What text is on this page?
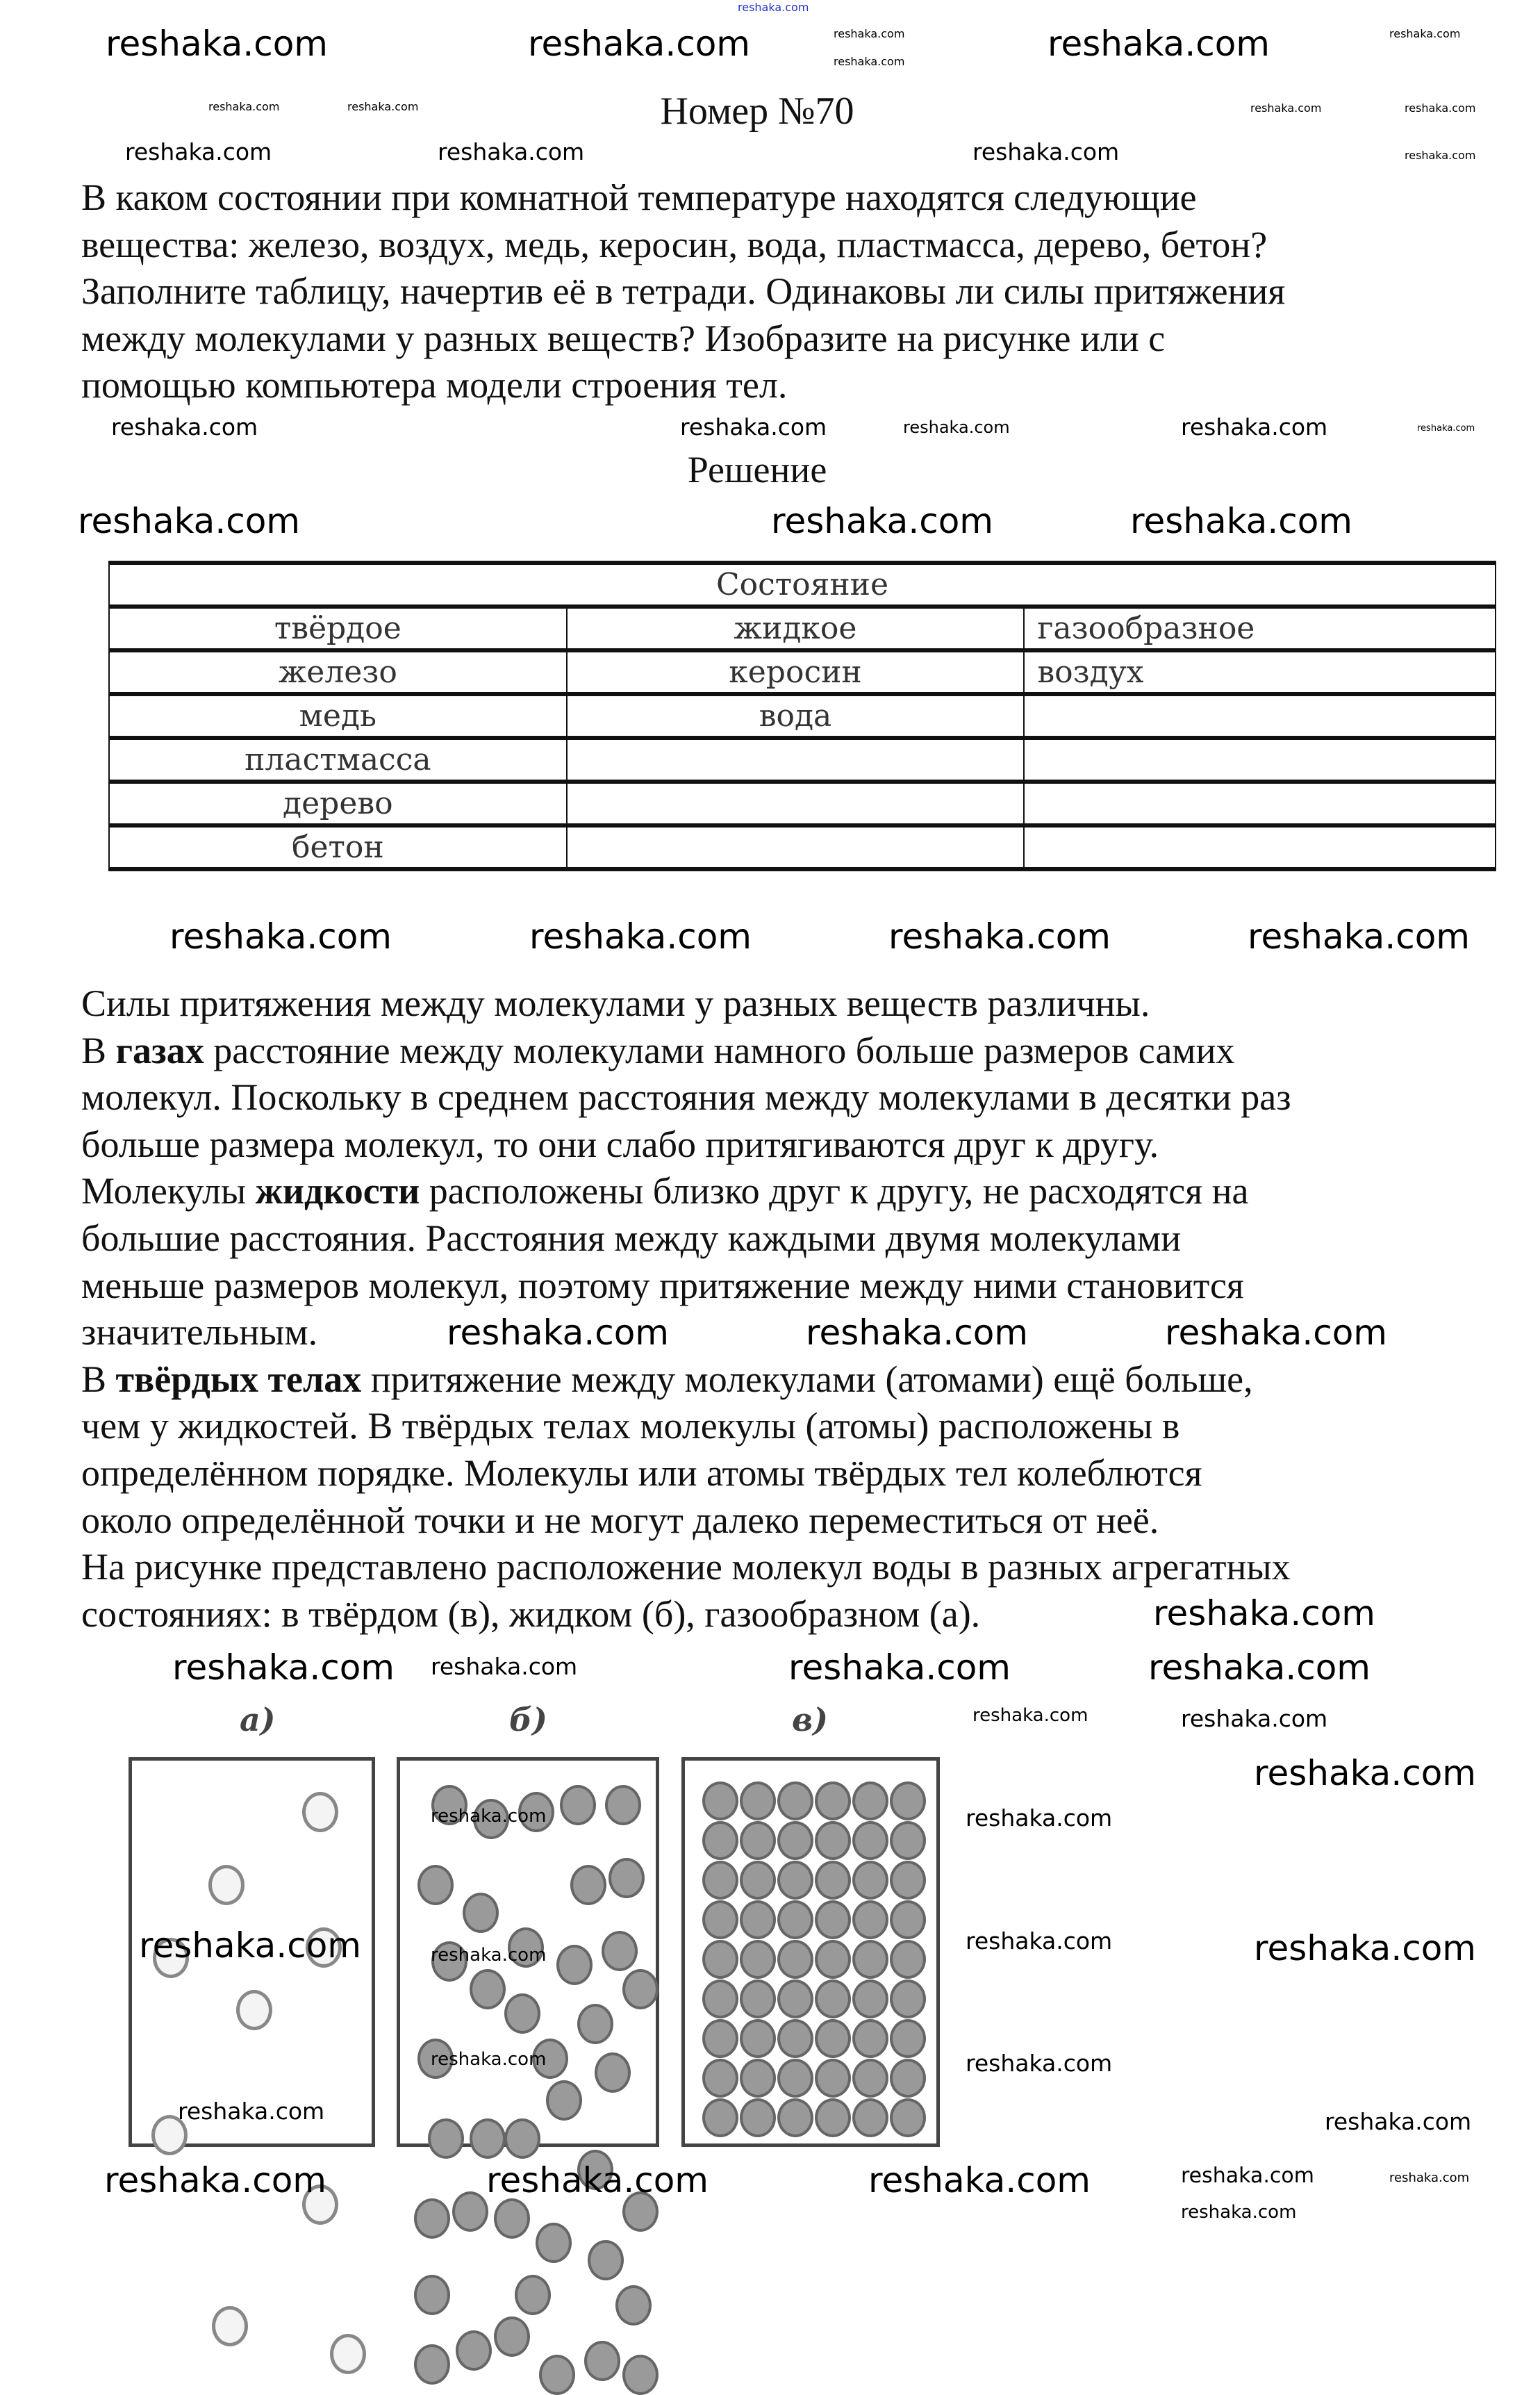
Номер №70
В каком состоянии при комнатной температуре находятся следующие
вещества: железо, воздух, медь, керосин, вода, пластмасса, дерево, бетон?
Заполните таблицу, начертив её в тетради. Одинаковы ли силы притяжения
между молекулами у разных веществ? Изобразите на рисунке или с
помощью компьютера модели строения тел.
Решение
Состояние		
твёрдое	жидкое	газообразное
железо	керосин	воздух
медь	вода	
пластмасса		
дерево		
бетон		
Силы притяжения между молекулами у разных веществ различны.
В газах расстояние между молекулами намного больше размеров самих
молекул. Поскольку в среднем расстояния между молекулами в десятки раз
больше размера молекул, то они слабо притягиваются друг к другу.
Молекулы жидкости расположены близко друг к другу, не расходятся на
большие расстояния. Расстояния между каждыми двумя молекулами
меньше размеров молекул, поэтому притяжение между ними становится
значительным.
В твёрдых телах притяжение между молекулами (атомами) ещё больше,
чем у жидкостей. В твёрдых телах молекулы (атомы) расположены в
определённом порядке. Молекулы или атомы твёрдых тел колеблются
около определённой точки и не могут далеко переместиться от неё.
На рисунке представлено расположение молекул воды в разных агрегатных
состояниях: в твёрдом (в), жидком (б), газообразном (а).
а)	б)	в)
reshaka.com
reshaka.com	reshaka.com	reshaka.com
reshaka.com	reshaka.com	reshaka.com
reshaka.com	reshaka.com	reshaka.com	reshaka.com
reshaka.com	reshaka.com	reshaka.com
reshaka.com
reshaka.com	reshaka.com	reshaka.com
reshaka.com
reshaka.com
reshaka.com
reshaka.com	reshaka.com	reshaka.com
reshaka.com	reshaka.com	reshaka.com
reshaka.com	reshaka.com	reshaka.com
reshaka.com
reshaka.com
reshaka.com
reshaka.com	reshaka.com
reshaka.com
reshaka.com	reshaka.com
reshaka.com
reshaka.com
reshaka.com
reshaka.com
reshaka.com
reshaka.com
reshaka.com	reshaka.com
reshaka.com	reshaka.com
reshaka.com
reshaka.com
reshaka.com
reshaka.com
reshaka.com
reshaka.com
